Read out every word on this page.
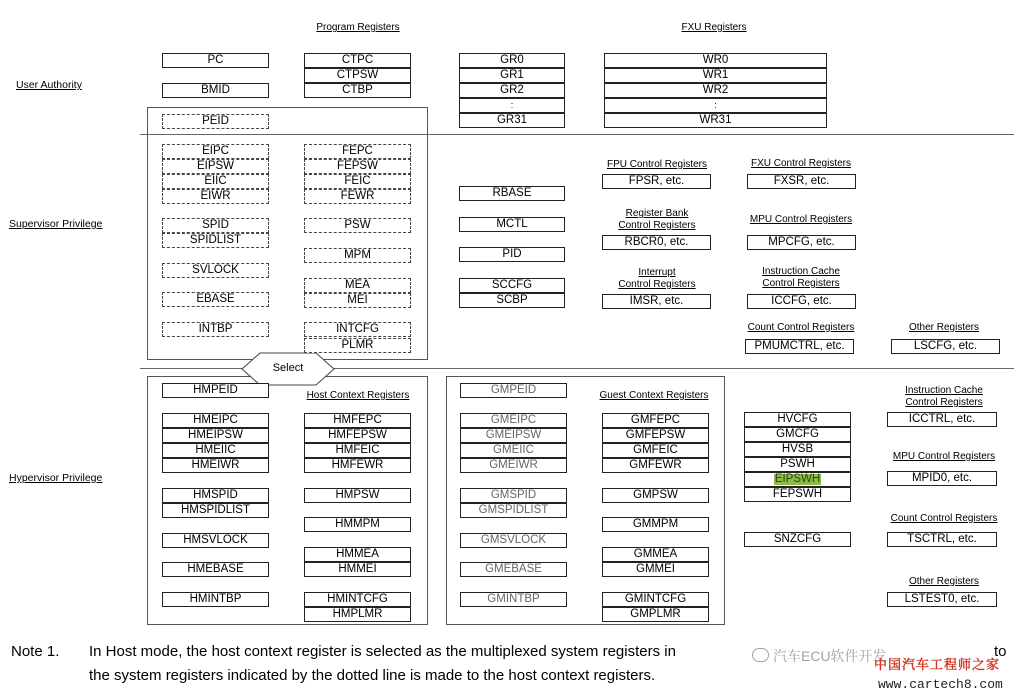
Select
User Authority
Supervisor Privilege
Hypervisor Privilege
Program Registers	FXU Registers
FPU Control Registers	FXU Control Registers
Register Bank
Control Registers
MPU Control Registers
Interrupt
Control Registers
Instruction Cache
Control Registers
Count Control Registers	Other Registers
Host Context Registers	Guest Context Registers	Instruction Cache
Control Registers
MPU Control Registers
Count Control Registers
Other Registers
PC
BMID
CTPC
CTPSW
CTBP
GR0
GR1
GR2
:
GR31
WR0
WR1
WR2
:
WR31
PEID
EIPC
EIPSW
EIIC
EIWR
SPID
SPIDLIST
SVLOCK
EBASE
INTBP
FEPC
FEPSW
FEIC
FEWR
PSW
MPM
MEA
MEI
INTCFG
PLMR
RBASE
MCTL
PID
SCCFG
SCBP
FPSR, etc.	FXSR, etc.
RBCR0, etc.	MPCFG, etc.
IMSR, etc.	ICCFG, etc.
PMUMCTRL, etc.	LSCFG, etc.
HMPEID
HMEIPC
HMEIPSW
HMEIIC
HMEIWR
HMSPID
HMSPIDLIST
HMSVLOCK
HMEBASE
HMINTBP
HMFEPC
HMFEPSW
HMFEIC
HMFEWR
HMPSW
HMMPM
HMMEA
HMMEI
HMINTCFG
HMPLMR
GMPEID
GMEIPC
GMEIPSW
GMEIIC
GMEIWR
GMSPID
GMSPIDLIST
GMSVLOCK
GMEBASE
GMINTBP
GMFEPC
GMFEPSW
GMFEIC
GMFEWR
GMPSW
GMMPM
GMMEA
GMMEI
GMINTCFG
GMPLMR
HVCFG
GMCFG
HVSB
PSWH
EIPSWH
FEPSWH
SNZCFG
ICCTRL, etc.
MPID0, etc.
TSCTRL, etc.
LSTEST0, etc.
Note 1. In Host mode, the host context register is selected as the multiplexed system registers in	to
the system registers indicated by the dotted line is made to the host context registers.
汽车ECU软件开发
中国汽车工程师之家
www.cartech8.com
